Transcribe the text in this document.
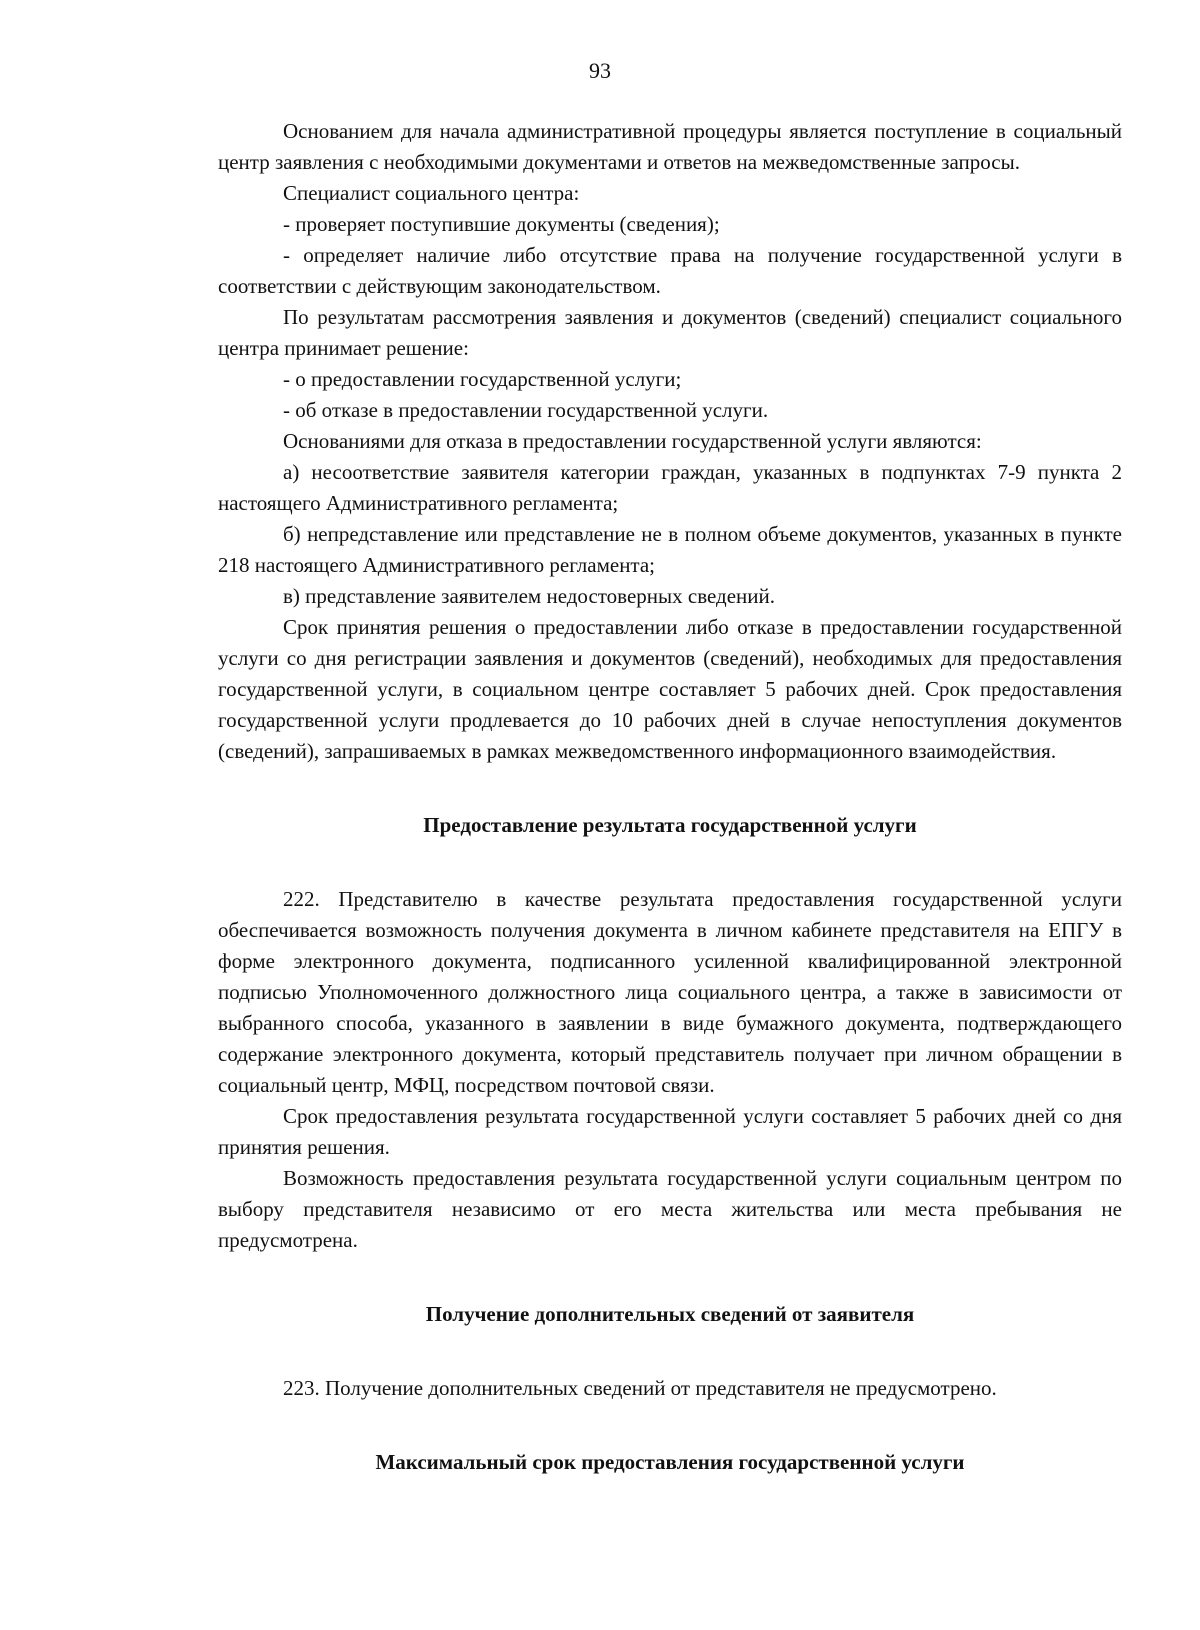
93

Основанием для начала административной процедуры является поступление в социальный центр заявления с необходимыми документами и ответов на межведомственные запросы.

Специалист социального центра:

- проверяет поступившие документы (сведения);

- определяет наличие либо отсутствие права на получение государственной услуги в соответствии с действующим законодательством.

По результатам рассмотрения заявления и документов (сведений) специалист социального центра принимает решение:

- о предоставлении государственной услуги;

- об отказе в предоставлении государственной услуги.

Основаниями для отказа в предоставлении государственной услуги являются:

а) несоответствие заявителя категории граждан, указанных в подпунктах 7-9 пункта 2 настоящего Административного регламента;

б) непредставление или представление не в полном объеме документов, указанных в пункте 218 настоящего Административного регламента;

в) представление заявителем недостоверных сведений.

Срок принятия решения о предоставлении либо отказе в предоставлении государственной услуги со дня регистрации заявления и документов (сведений), необходимых для предоставления государственной услуги, в социальном центре составляет 5 рабочих дней. Срок предоставления государственной услуги продлевается до 10 рабочих дней в случае непоступления документов (сведений), запрашиваемых в рамках межведомственного информационного взаимодействия.

Предоставление результата государственной услуги

222. Представителю в качестве результата предоставления государственной услуги обеспечивается возможность получения документа в личном кабинете представителя на ЕПГУ в форме электронного документа, подписанного усиленной квалифицированной электронной подписью Уполномоченного должностного лица социального центра, а также в зависимости от выбранного способа, указанного в заявлении в виде бумажного документа, подтверждающего содержание электронного документа, который представитель получает при личном обращении в социальный центр, МФЦ, посредством почтовой связи.

Срок предоставления результата государственной услуги составляет 5 рабочих дней со дня принятия решения.

Возможность предоставления результата государственной услуги социальным центром по выбору представителя независимо от его места жительства или места пребывания не предусмотрена.

Получение дополнительных сведений от заявителя

223. Получение дополнительных сведений от представителя не предусмотрено.

Максимальный срок предоставления государственной услуги
